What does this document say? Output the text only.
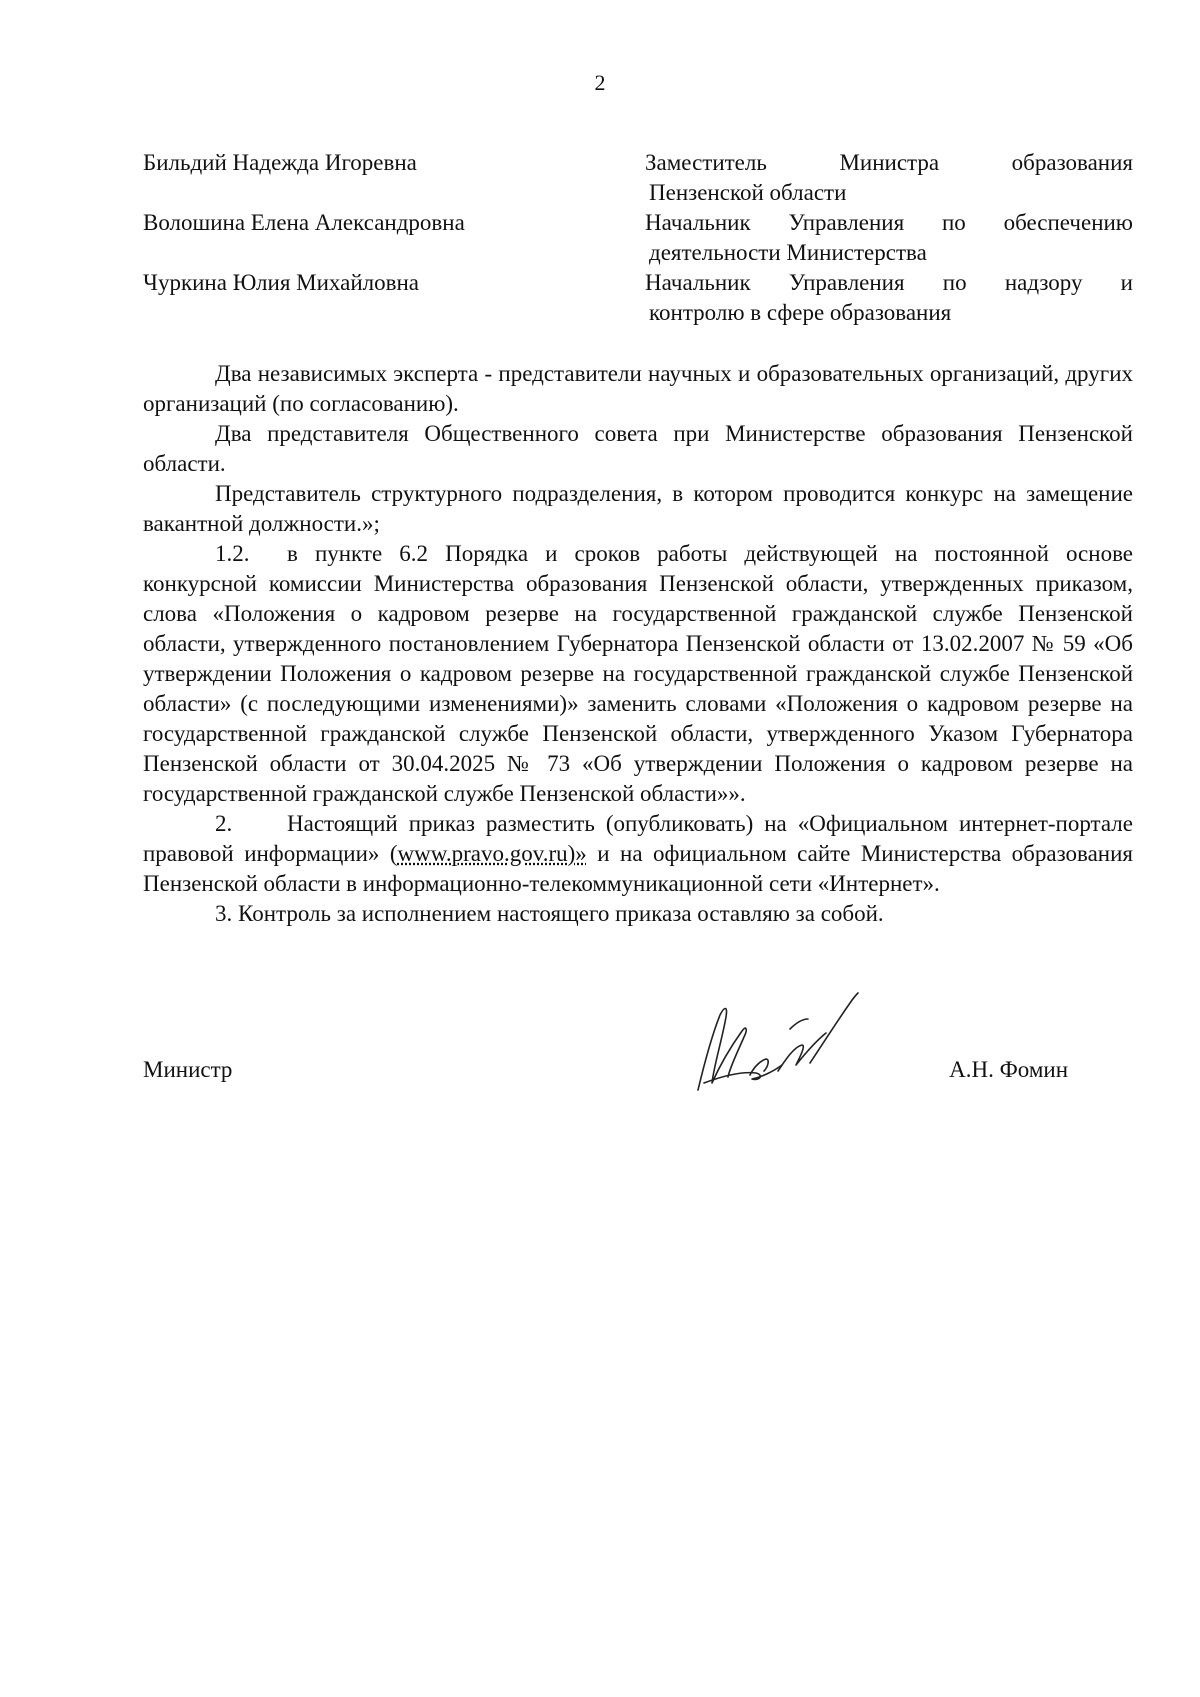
2
Бильдий Надежда Игоревна	Заместитель Министра образования
Пензенской области
Волошина Елена Александровна	Начальник Управления по обеспечению
деятельности Министерства
Чуркина Юлия Михайловна	Начальник Управления по надзору и
контролю в сфере образования

Два независимых эксперта - представители научных и образовательных организаций, других организаций (по согласованию).

Два представителя Общественного совета при Министерстве образования Пензенской области.

Представитель структурного подразделения, в котором проводится конкурс на замещение вакантной должности.»;

1.2. в пункте 6.2 Порядка и сроков работы действующей на постоянной основе конкурсной комиссии Министерства образования Пензенской области, утвержденных приказом, слова «Положения о кадровом резерве на государственной гражданской службе Пензенской области, утвержденного постановлением Губернатора Пензенской области от 13.02.2007 № 59 «Об утверждении Положения о кадровом резерве на государственной гражданской службе Пензенской области» (с последующими изменениями)» заменить словами «Положения о кадровом резерве на государственной гражданской службе Пензенской области, утвержденного Указом Губернатора Пензенской области от 30.04.2025 № 73 «Об утверждении Положения о кадровом резерве на государственной гражданской службе Пензенской области»».

2. Настоящий приказ разместить (опубликовать) на «Официальном интернет-портале правовой информации» (www.pravo.gov.ru)» и на официальном сайте Министерства образования Пензенской области в информационно-телекоммуникационной сети «Интернет».

3. Контроль за исполнением настоящего приказа оставляю за собой.

Министр	А.Н. Фомин
